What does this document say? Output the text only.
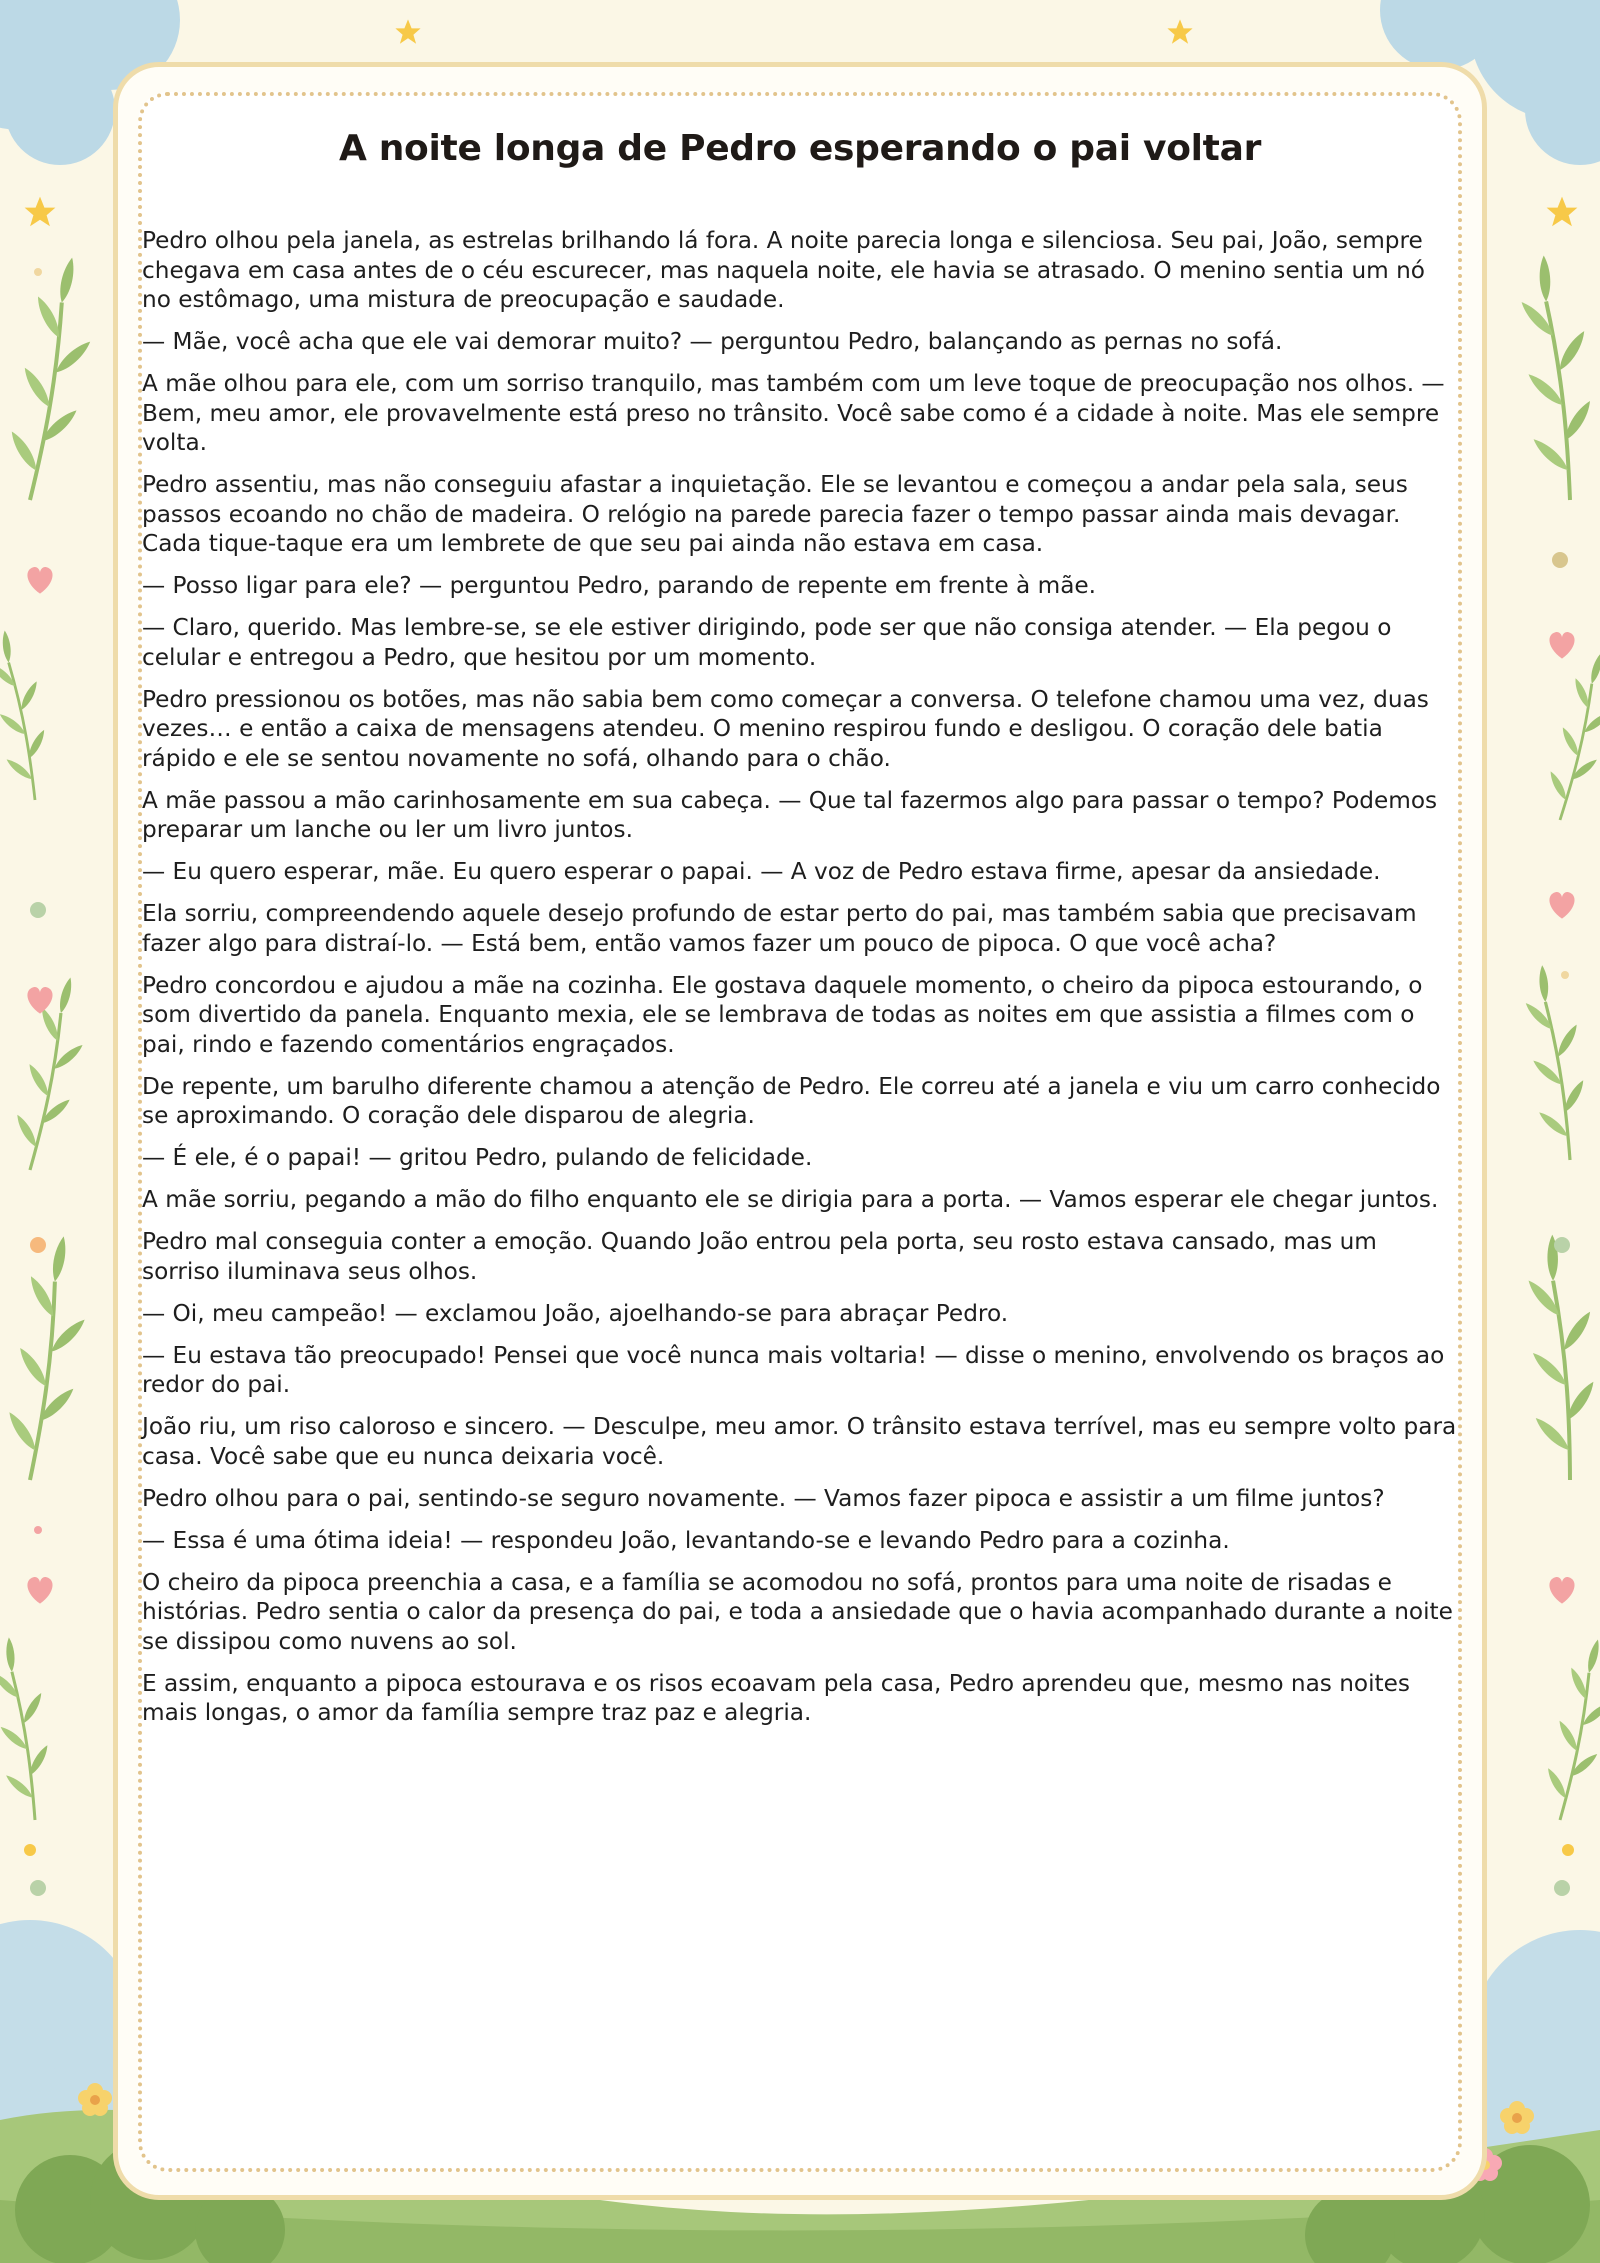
A noite longa de Pedro esperando o pai voltar

Pedro olhou pela janela, as estrelas brilhando lá fora. A noite parecia longa e silenciosa. Seu pai, João, sempre chegava em casa antes de o céu escurecer, mas naquela noite, ele havia se atrasado. O menino sentia um nó no estômago, uma mistura de preocupação e saudade.

— Mãe, você acha que ele vai demorar muito? — perguntou Pedro, balançando as pernas no sofá.

A mãe olhou para ele, com um sorriso tranquilo, mas também com um leve toque de preocupação nos olhos. — Bem, meu amor, ele provavelmente está preso no trânsito. Você sabe como é a cidade à noite. Mas ele sempre volta.

Pedro assentiu, mas não conseguiu afastar a inquietação. Ele se levantou e começou a andar pela sala, seus passos ecoando no chão de madeira. O relógio na parede parecia fazer o tempo passar ainda mais devagar. Cada tique-taque era um lembrete de que seu pai ainda não estava em casa.

— Posso ligar para ele? — perguntou Pedro, parando de repente em frente à mãe.

— Claro, querido. Mas lembre-se, se ele estiver dirigindo, pode ser que não consiga atender. — Ela pegou o celular e entregou a Pedro, que hesitou por um momento.

Pedro pressionou os botões, mas não sabia bem como começar a conversa. O telefone chamou uma vez, duas vezes… e então a caixa de mensagens atendeu. O menino respirou fundo e desligou. O coração dele batia rápido e ele se sentou novamente no sofá, olhando para o chão.

A mãe passou a mão carinhosamente em sua cabeça. — Que tal fazermos algo para passar o tempo? Podemos preparar um lanche ou ler um livro juntos.

— Eu quero esperar, mãe. Eu quero esperar o papai. — A voz de Pedro estava firme, apesar da ansiedade.

Ela sorriu, compreendendo aquele desejo profundo de estar perto do pai, mas também sabia que precisavam fazer algo para distraí-lo. — Está bem, então vamos fazer um pouco de pipoca. O que você acha?

Pedro concordou e ajudou a mãe na cozinha. Ele gostava daquele momento, o cheiro da pipoca estourando, o som divertido da panela. Enquanto mexia, ele se lembrava de todas as noites em que assistia a filmes com o pai, rindo e fazendo comentários engraçados.

De repente, um barulho diferente chamou a atenção de Pedro. Ele correu até a janela e viu um carro conhecido se aproximando. O coração dele disparou de alegria.

— É ele, é o papai! — gritou Pedro, pulando de felicidade.

A mãe sorriu, pegando a mão do filho enquanto ele se dirigia para a porta. — Vamos esperar ele chegar juntos.

Pedro mal conseguia conter a emoção. Quando João entrou pela porta, seu rosto estava cansado, mas um sorriso iluminava seus olhos.

— Oi, meu campeão! — exclamou João, ajoelhando-se para abraçar Pedro.

— Eu estava tão preocupado! Pensei que você nunca mais voltaria! — disse o menino, envolvendo os braços ao redor do pai.

João riu, um riso caloroso e sincero. — Desculpe, meu amor. O trânsito estava terrível, mas eu sempre volto para casa. Você sabe que eu nunca deixaria você.

Pedro olhou para o pai, sentindo-se seguro novamente. — Vamos fazer pipoca e assistir a um filme juntos?

— Essa é uma ótima ideia! — respondeu João, levantando-se e levando Pedro para a cozinha.

O cheiro da pipoca preenchia a casa, e a família se acomodou no sofá, prontos para uma noite de risadas e histórias. Pedro sentia o calor da presença do pai, e toda a ansiedade que o havia acompanhado durante a noite se dissipou como nuvens ao sol.

E assim, enquanto a pipoca estourava e os risos ecoavam pela casa, Pedro aprendeu que, mesmo nas noites mais longas, o amor da família sempre traz paz e alegria.
